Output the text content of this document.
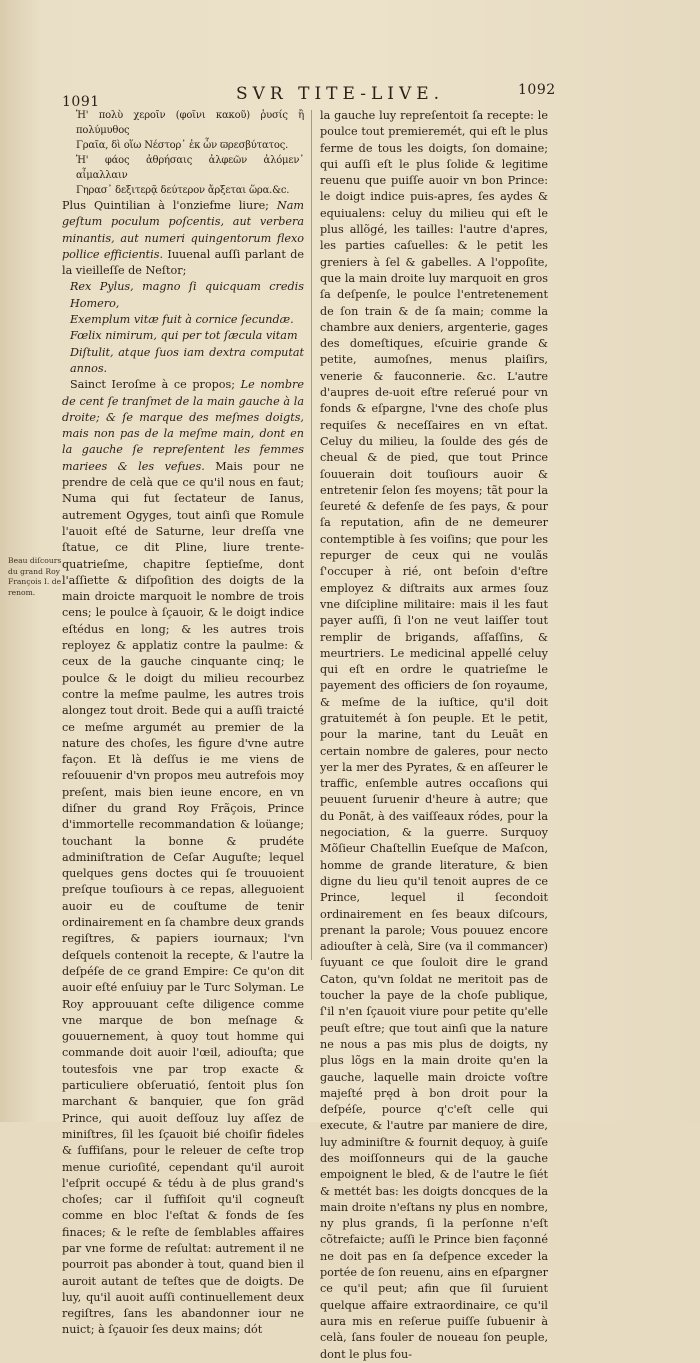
1091	SVR TITE-LIVE.	1092
Ἡ' πολὺ χεροῖν (φοῖνι κακοῦ) ῥυσίς ἢ πολύμυθος
Γραῖα, δὶ οἵω Νέστορ᾽ ἐκ ὧν ϖρεσβύτατος.
Ἡ' φάος ἀθρήσαις ἀλφεῶν ἀλόμεν᾽ αἶμαλλαιν
Γηρασ᾽ δεξιτερᾷ δεύτερον ἄρξεται ὥρα.&c.

Plus Quintilian à l'onziefme liure; Nam geſtum poculum poſcentis, aut verbera minantis, aut numeri quingentorum flexo pollice efficientis. Iuuenal auſſi parlant de la vieilleſſe de Neſtor;

Rex Pylus, magno ſi quicquam credis Homero,
Exemplum vitæ fuit à cornice ſecundæ.
Fœlix nimirum, qui per tot ſæcula vitam
Diſtulit, atque ſuos iam dextra computat annos.

Sainct Ieroſme à ce propos; Le nombre de cent ſe tranſmet de la main gauche à la droite; & ſe marque des meſmes doigts, mais non pas de la meſme main, dont en la gauche ſe repreſentent les femmes mariees & les vefues. Mais pour ne prendre de celà que ce qu'il nous en faut; Numa qui fut ſectateur de Ianus, autrement Ogyges, tout ainſi que Romule l'auoit eſté de Saturne, leur dreſſa vne ſtatue, ce dit Pline, liure trente-quatrieſme, chapitre ſeptieſme, dont l'aſſiette & diſpoſition des doigts de la main droicte marquoit le nombre de trois cens; le poulce à ſçauoir, & le doigt indice eſtédus en long; & les autres trois reployez & applatiz contre la paulme: & ceux de la gauche cinquante cinq; le poulce & le doigt du milieu recourbez contre la meſme paulme, les autres trois alongez tout droit. Bede qui a auſſi traicté ce meſme argumét au premier de la nature des choſes, les figure d'vne autre façon. Et là deſſus ie me viens de reſouuenir d'vn propos meu autrefois moy preſent, mais bien ieune encore, en vn diſner du grand Roy Frãçois, Prince d'immortelle recommandation & loüange; touchant la bonne & prudéte adminiſtration de Ceſar Auguſte; lequel quelques gens doctes qui ſe trouuoient preſque touſiours à ce repas, alleguoient auoir eu de couſtume de tenir ordinairement en ſa chambre deux grands regiſtres, & papiers iournaux; l'vn deſquels contenoit la recepte, & l'autre la deſpéſe de ce grand Empire: Ce qu'on dit auoir eſté enſuiuy par le Turc Solyman. Le Roy approuuant ceſte diligence comme vne marque de bon meſnage & gouuernement, à quoy tout homme qui commande doit auoir l'œil, adiouſta; que toutesfois vne par trop exacte & particuliere obſeruatió, ſentoit plus ſon marchant & banquier, que ſon grãd Prince, qui auoit deſſouz luy aſſez de miniſtres, ſil les ſçauoit bié choiſir fideles & ſuffiſans, pour le releuer de ceſte trop menue curioſité, cependant qu'il auroit l'eſprit occupé & tédu à de plus grand's choſes; car il ſuffiſoit qu'il cogneuſt comme en bloc l'eſtat & fonds de ſes finaces; & le reſte de ſemblables affaires par vne forme de reſultat: autrement il ne pourroit pas abonder à tout, quand bien il auroit autant de teſtes que de doigts. De luy, qu'il auoit auſſi continuellement deux regiſtres, ſans les abandonner iour ne nuict; à ſçauoir ſes deux mains; dót

Beau diſcours
du grand Roy
François I. de
renom.

la gauche luy repreſentoit ſa recepte: le poulce tout premieremét, qui eſt le plus ferme de tous les doigts, ſon domaine; qui auſſi eſt le plus ſolide & legitime reuenu que puiſſe auoir vn bon Prince: le doigt indice puis-apres, ſes aydes & equiualens: celuy du milieu qui eſt le plus allõgé, les tailles: l'autre d'apres, les parties caſuelles: & le petit les greniers à ſel & gabelles. A l'oppoſite, que la main droite luy marquoit en gros ſa deſpenſe, le poulce l'entretenement de ſon train & de ſa main; comme la chambre aux deniers, argenterie, gages des domeſtiques, eſcuirie grande & petite, aumoſnes, menus plaiſirs, venerie & fauconnerie. &c. L'autre d'aupres de-uoit eſtre reſerué pour vn fonds & eſpargne, l'vne des choſe plus requiſes & neceſſaires en vn eſtat. Celuy du milieu, la ſoulde des gés de cheual & de pied, que tout Prince ſouuerain doit touſiours auoir & entretenir ſelon ſes moyens; tãt pour la ſeureté & defenſe de ſes pays, & pour ſa reputation, afin de ne demeurer contemptible à ſes voiſins; que pour les repurger de ceux qui ne voulãs ſ'occuper à rié, ont beſoin d'eſtre employez & diſtraits aux armes ſouz vne diſcipline militaire: mais il les faut payer auſſi, ſi l'on ne veut laiſſer tout remplir de brigands, aſſaſſins, & meurtriers. Le medicinal appellé celuy qui eſt en ordre le quatrieſme le payement des officiers de ſon royaume, & meſme de la iuſtice, qu'il doit gratuitemét à ſon peuple. Et le petit, pour la marine, tant du Leuãt en certain nombre de galeres, pour necto yer la mer des Pyrates, & en aſſeurer le traffic, enſemble autres occaſions qui peuuent ſuruenir d'heure à autre; que du Ponãt, à des vaiſſeaux ródes, pour la negociation, & la guerre. Surquoy Mõſieur Chaſtellin Eueſque de Maſcon, homme de grande literature, & bien digne du lieu qu'il tenoit aupres de ce Prince, lequel il ſecondoit ordinairement en ſes beaux diſcours, prenant la parole; Vous pouuez encore adiouſter à celà, Sire (va il commancer) ſuyuant ce que ſouloit dire le grand Caton, qu'vn ſoldat ne meritoit pas de toucher la paye de la choſe publique, ſ'il n'en ſçauoit viure pour petite qu'elle peuſt eſtre; que tout ainſi que la nature ne nous a pas mis plus de doigts, ny plus lõgs en la main droite qu'en la gauche, laquelle main droicte voſtre majeſté pręd à bon droit pour la deſpéſe, pource q'c'eſt celle qui execute, & l'autre par maniere de dire, luy adminiſtre & fournit dequoy, à guiſe des moiſſonneurs qui de la gauche empoignent le bled, & de l'autre le ſiét & mettét bas: les doigts doncques de la main droite n'eſtans ny plus en nombre, ny plus grands, ſi la perſonne n'eſt cõtrefaicte; auſſi le Prince bien façonné ne doit pas en ſa deſpence exceder la portée de ſon reuenu, ains en eſpargner ce qu'il peut; afin que ſil ſuruient quelque affaire extraordinaire, ce qu'il aura mis en reſerue puiſſe ſubuenir à celà, ſans fouler de noueau ſon peuple, dont le plus fou-
